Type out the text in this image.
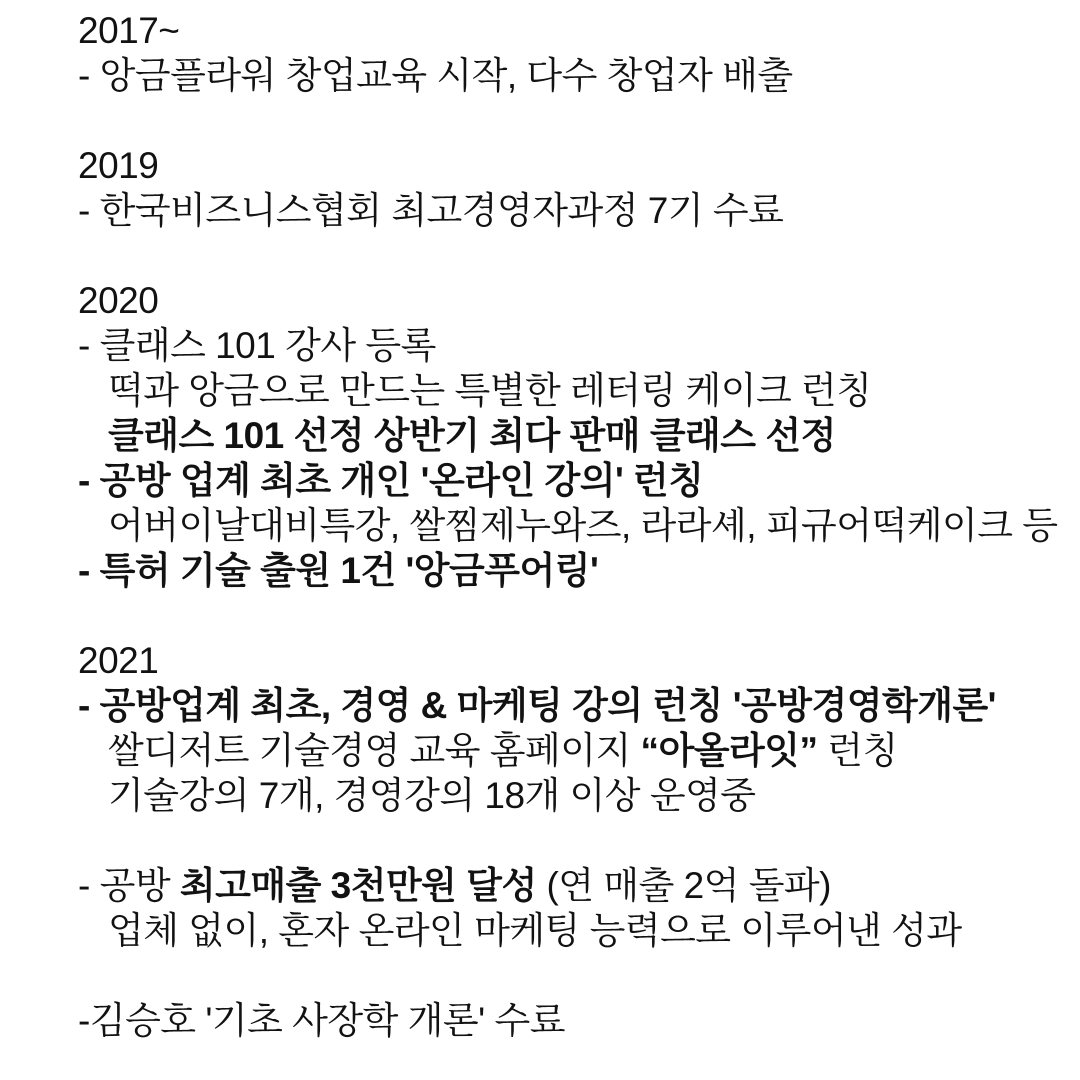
2017~
- 앙금플라워 창업교육 시작, 다수 창업자 배출
2019
- 한국비즈니스협회 최고경영자과정 7기 수료
2020
- 클래스 101 강사 등록
떡과 앙금으로 만드는 특별한 레터링 케이크 런칭
클래스 101 선정 상반기 최다 판매 클래스 선정
- 공방 업계 최초 개인 '온라인 강의' 런칭
어버이날대비특강, 쌀찜제누와즈, 라라셰, 피규어떡케이크 등
- 특허 기술 출원 1건 '앙금푸어링'
2021
- 공방업계 최초, 경영 & 마케팅 강의 런칭 '공방경영학개론'
쌀디저트 기술경영 교육 홈페이지 “아올라잇” 런칭
기술강의 7개, 경영강의 18개 이상 운영중
- 공방 최고매출 3천만원 달성 (연 매출 2억 돌파)
업체 없이, 혼자 온라인 마케팅 능력으로 이루어낸 성과
-김승호 '기초 사장학 개론' 수료
